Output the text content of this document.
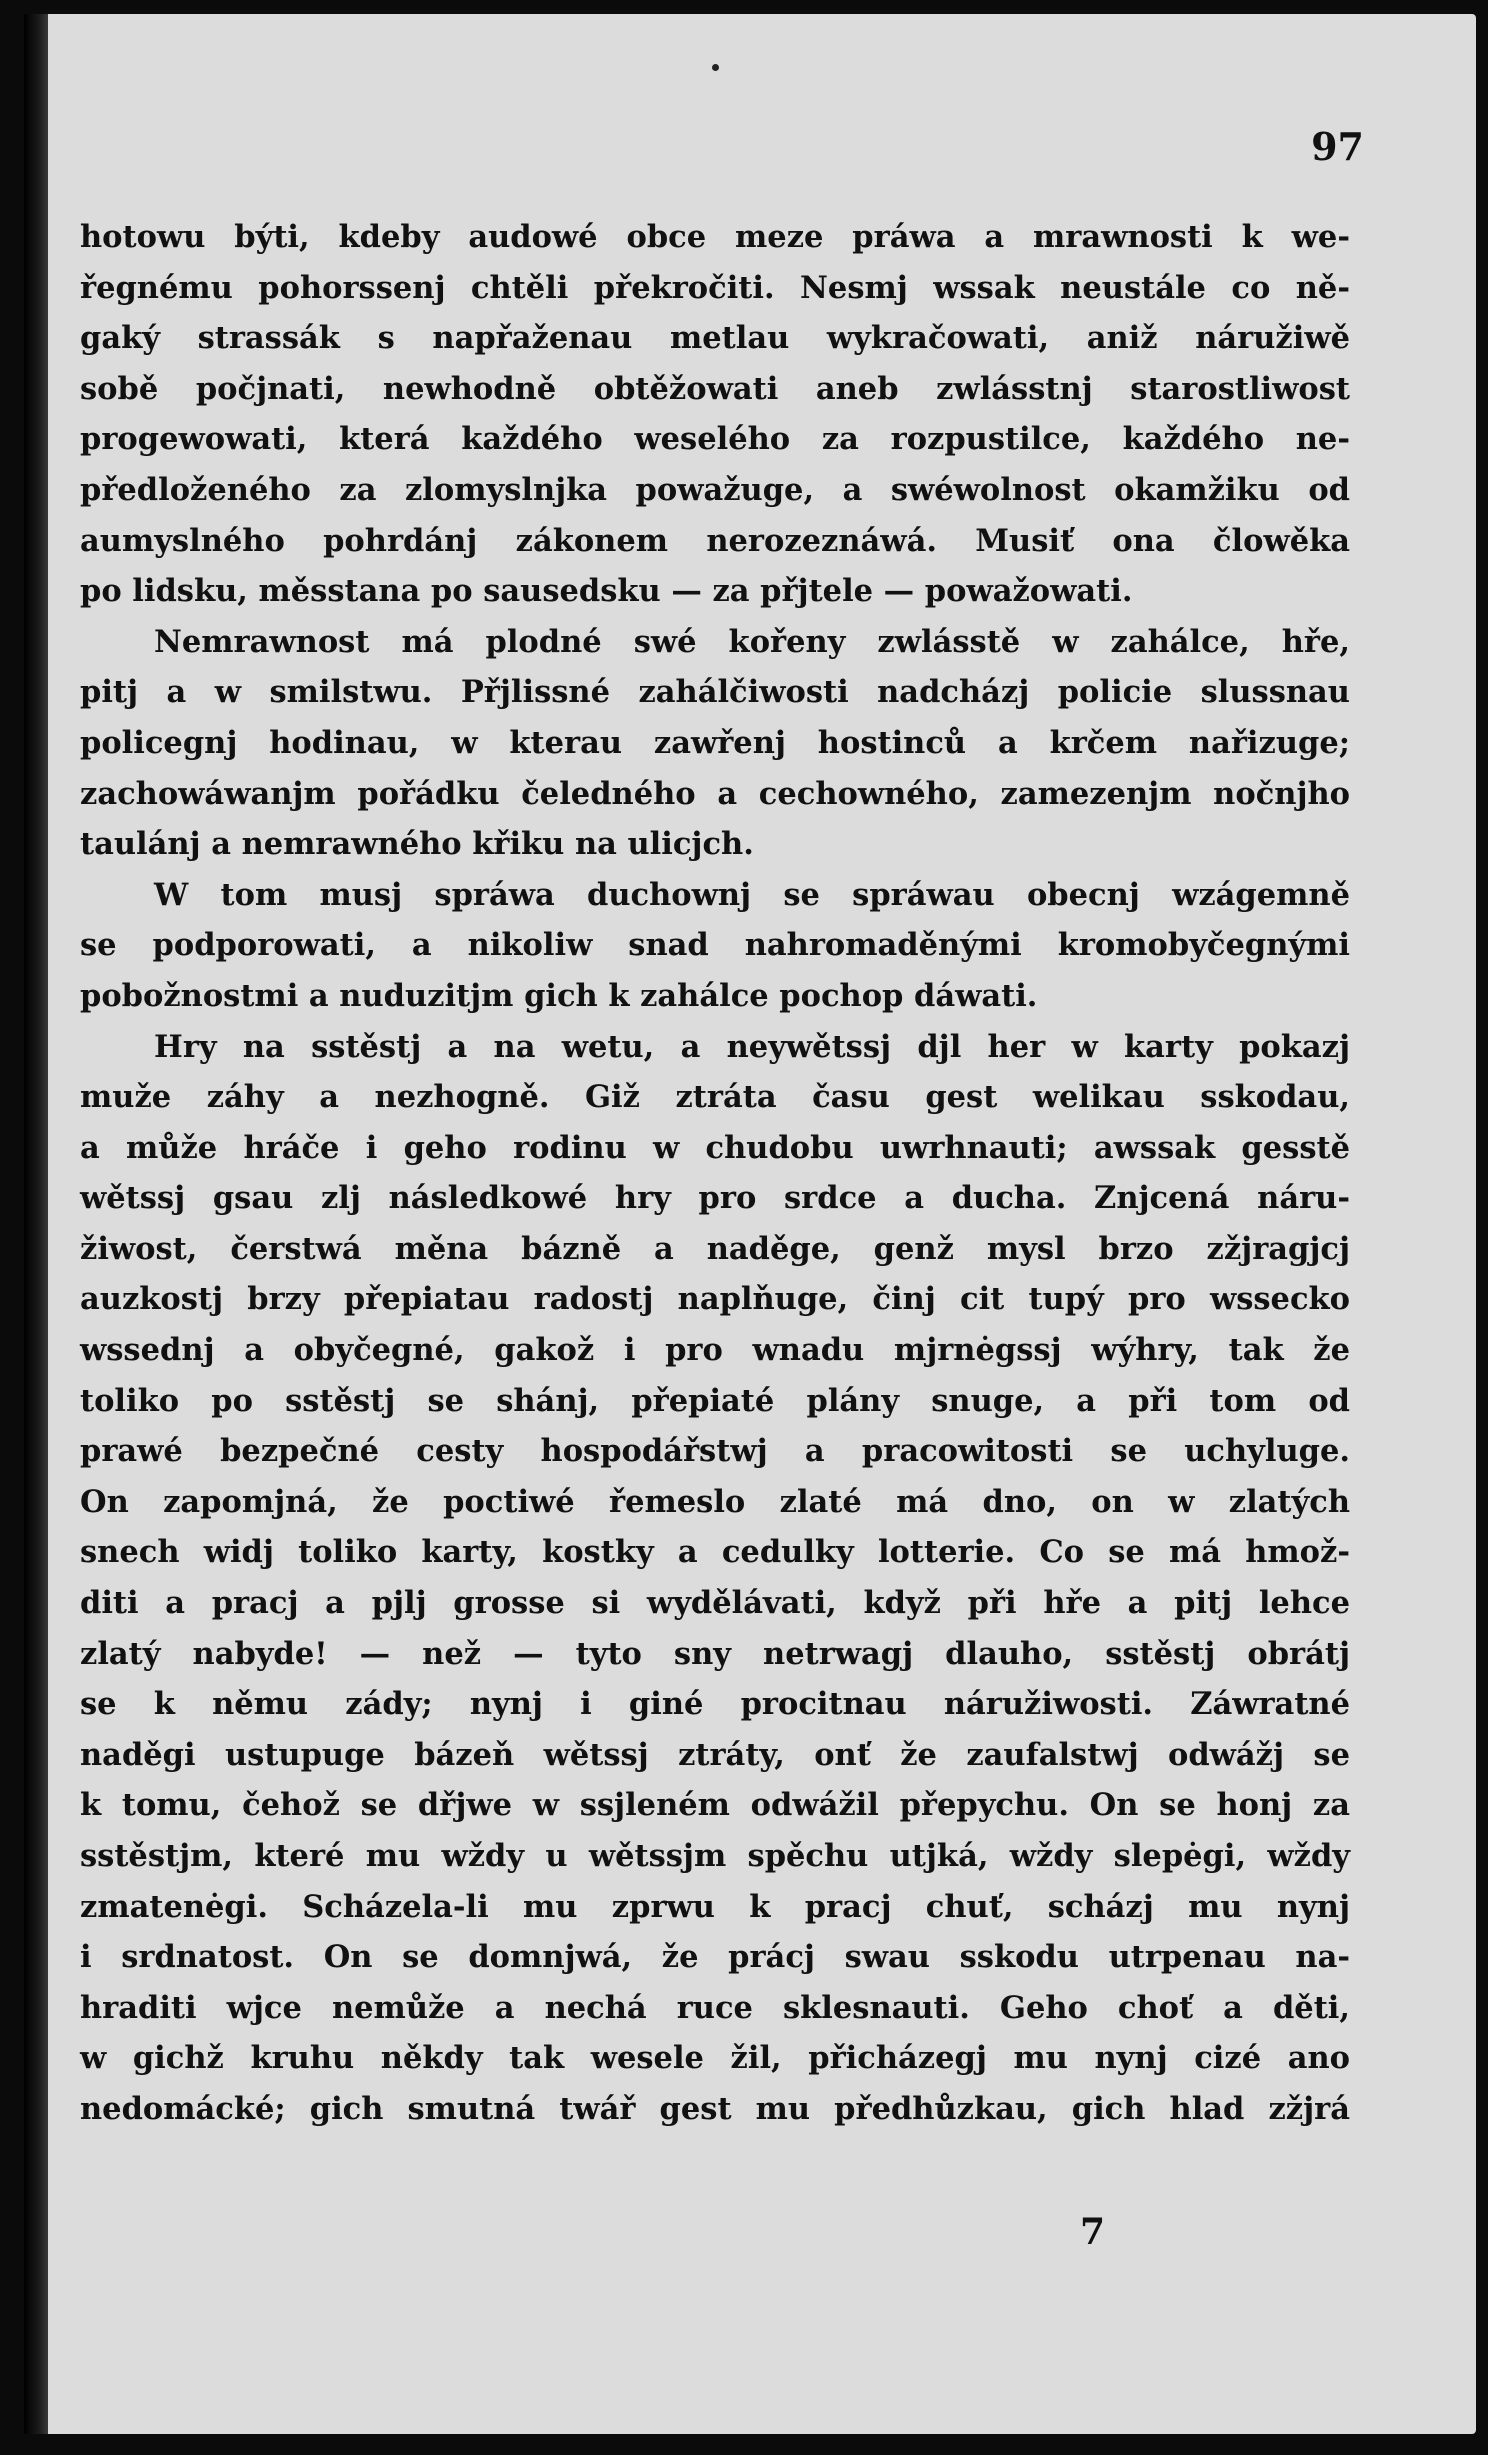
97
hotowu býti, kdeby audowé obce meze práwa a mrawnosti k we-
řegnému pohorssenj chtěli překročiti. Nesmj wssak neustále co ně-
gaký strassák s napřaženau metlau wykračowati, aniž náružiwě
sobě počjnati, newhodně obtěžowati aneb zwlásstnj starostliwost
progewowati, která každého weselého za rozpustilce, každého ne-
předloženého za zlomyslnjka powažuge, a swéwolnost okamžiku od
aumyslného pohrdánj zákonem nerozeznáwá. Musiť ona člowěka
po lidsku, měsstana po sausedsku — za přjtele — powažowati.
Nemrawnost má plodné swé kořeny zwlásstě w zahálce, hře,
pitj a w smilstwu. Přjlissné zahálčiwosti nadcházj policie slussnau
policegnj hodinau, w kterau zawřenj hostinců a krčem nařizuge;
zachowáwanjm pořádku čeledného a cechowného, zamezenjm nočnjho
taulánj a nemrawného křiku na ulicjch.
W tom musj spráwa duchownj se spráwau obecnj wzágemně
se podporowati, a nikoliw snad nahromaděnými kromobyčegnými
pobožnostmi a nuduzitjm gich k zahálce pochop dáwati.
Hry na sstěstj a na wetu, a neywětssj djl her w karty pokazj
muže záhy a nezhogně. Giž ztráta času gest welikau sskodau,
a může hráče i geho rodinu w chudobu uwrhnauti; awssak gesstě
wětssj gsau zlj následkowé hry pro srdce a ducha. Znjcená náru-
žiwost, čerstwá měna bázně a naděge, genž mysl brzo zžjragjcj
auzkostj brzy přepiatau radostj naplňuge, činj cit tupý pro wssecko
wssednj a obyčegné, gakož i pro wnadu mjrnėgssj wýhry, tak že
toliko po sstěstj se shánj, přepiaté plány snuge, a při tom od
prawé bezpečné cesty hospodářstwj a pracowitosti se uchyluge.
On zapomjná, že poctiwé řemeslo zlaté má dno, on w zlatých
snech widj toliko karty, kostky a cedulky lotterie. Co se má hmož-
diti a pracj a pjlj grosse si wydělávati, když při hře a pitj lehce
zlatý nabyde! — než — tyto sny netrwagj dlauho, sstěstj obrátj
se k němu zády; nynj i giné procitnau náružiwosti. Záwratné
naděgi ustupuge bázeň wětssj ztráty, onť že zaufalstwj odwážj se
k tomu, čehož se dřjwe w ssjleném odwážil přepychu. On se honj za
sstěstjm, které mu wždy u wětssjm spěchu utjká, wždy slepėgi, wždy
zmatenėgi. Scházela-li mu zprwu k pracj chuť, scházj mu nynj
i srdnatost. On se domnjwá, že prácj swau sskodu utrpenau na-
hraditi wjce nemůže a nechá ruce sklesnauti. Geho choť a děti,
w gichž kruhu někdy tak wesele žil, přicházegj mu nynj cizé ano
nedomácké; gich smutná twář gest mu předhůzkau, gich hlad zžjrá
7
